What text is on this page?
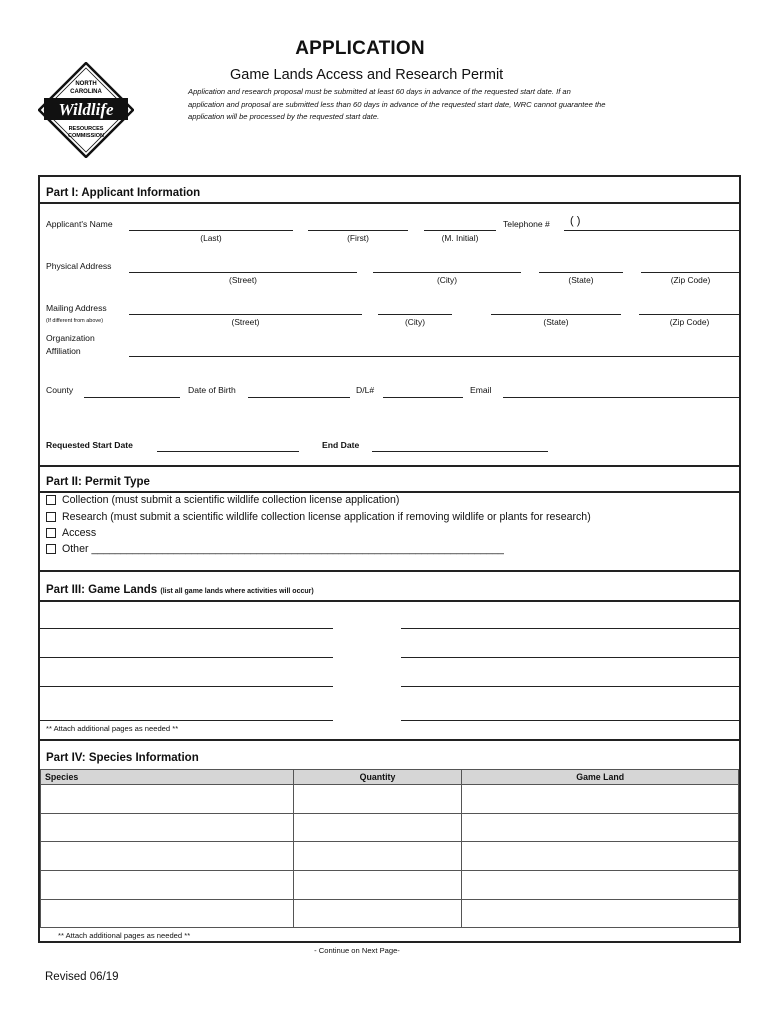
APPLICATION
Game Lands Access and Research Permit
Application and research proposal must be submitted at least 60 days in advance of the requested start date. If an application and proposal are submitted less than 60 days in advance of the requested start date, WRC cannot guarantee the application will be processed by the requested start date.
NORTH
CAROLINA
Wildlife
RESOURCES
COMMISSION
Part I: Applicant Information
Applicant's Name
(Last)	(First)	(M. Initial)
Telephone # ( )
Physical Address
(Street)	(City)	(State)	(Zip Code)
Mailing Address
(If different from above)	(Street)	(City)	(State)	(Zip Code)
Organization
Affiliation
County	Date of Birth	D/L#	Email
Requested Start Date	End Date
Part II: Permit Type
Collection (must submit a scientific wildlife collection license application)
Research (must submit a scientific wildlife collection license application if removing wildlife or plants for research)
Access
Other ______________________________________________________________________
Part III: Game Lands (list all game lands where activities will occur)
** Attach additional pages as needed **
Part IV: Species Information
Species	Quantity	Game Land

** Attach additional pages as needed **
- Continue on Next Page-
Revised 06/19
